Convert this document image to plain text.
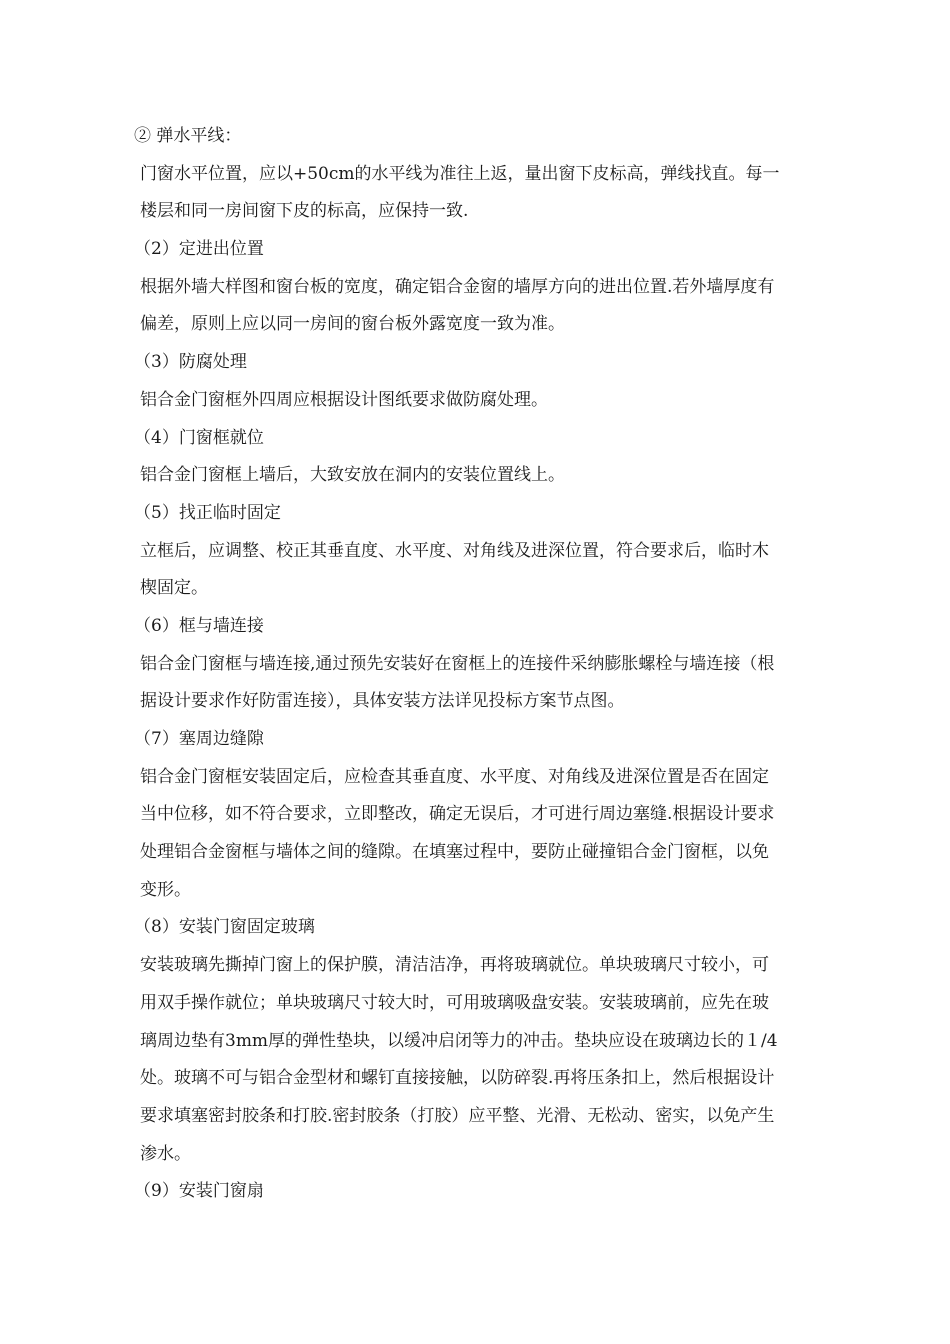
② 弹水平线：
门窗水平位置，应以+50cm的水平线为准往上返，量出窗下皮标高，弹线找直。每一
楼层和同一房间窗下皮的标高，应保持一致.
（2）定进出位置
根据外墙大样图和窗台板的宽度，确定铝合金窗的墙厚方向的进出位置.若外墙厚度有
偏差，原则上应以同一房间的窗台板外露宽度一致为准。
（3）防腐处理
铝合金门窗框外四周应根据设计图纸要求做防腐处理。
（4）门窗框就位
铝合金门窗框上墙后，大致安放在洞内的安装位置线上。
（5）找正临时固定
立框后，应调整、校正其垂直度、水平度、对角线及进深位置，符合要求后，临时木
楔固定。
（6）框与墙连接
铝合金门窗框与墙连接,通过预先安装好在窗框上的连接件采纳膨胀螺栓与墙连接（根
据设计要求作好防雷连接），具体安装方法详见投标方案节点图。
（7）塞周边缝隙
铝合金门窗框安装固定后，应检查其垂直度、水平度、对角线及进深位置是否在固定
当中位移，如不符合要求，立即整改，确定无误后，才可进行周边塞缝.根据设计要求
处理铝合金窗框与墙体之间的缝隙。在填塞过程中，要防止碰撞铝合金门窗框，以免
变形。
（8）安装门窗固定玻璃
安装玻璃先撕掉门窗上的保护膜，清洁洁净，再将玻璃就位。单块玻璃尺寸较小，可
用双手操作就位；单块玻璃尺寸较大时，可用玻璃吸盘安装。安装玻璃前，应先在玻
璃周边垫有3mm厚的弹性垫块，以缓冲启闭等力的冲击。垫块应设在玻璃边长的１/4
处。玻璃不可与铝合金型材和螺钉直接接触，以防碎裂.再将压条扣上，然后根据设计
要求填塞密封胶条和打胶.密封胶条（打胶）应平整、光滑、无松动、密实，以免产生
渗水。
（9）安装门窗扇
